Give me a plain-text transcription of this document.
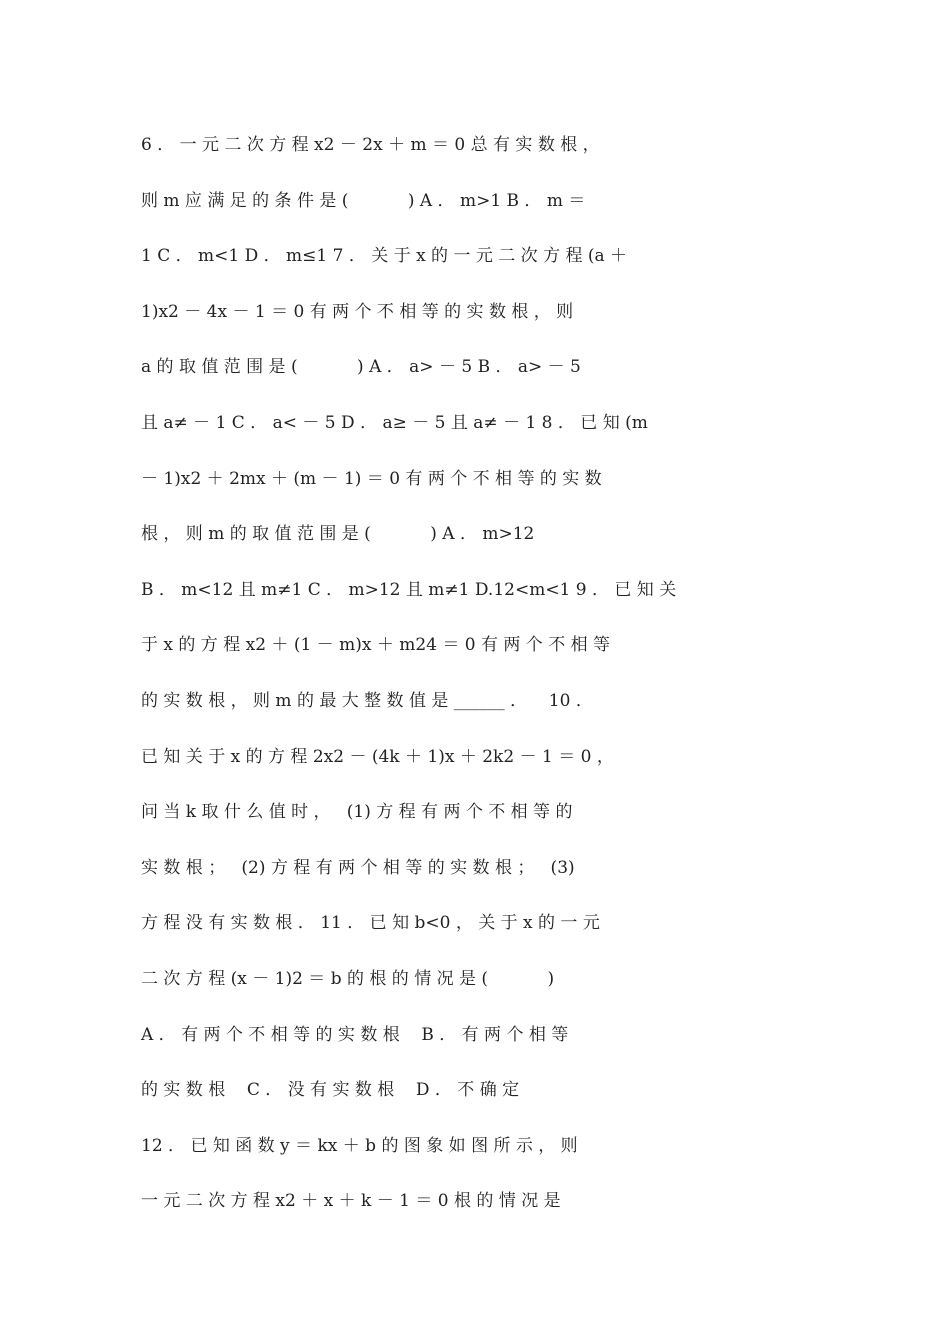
6 ． 一 元 二 次 方 程 x2 － 2x ＋ m ＝ 0 总 有 实 数 根 ，
则 m 应 满 足 的 条 件 是 (           ) A ． m>1 B ． m ＝
1 C ． m<1 D ． m≤1 7 ． 关 于 x 的 一 元 二 次 方 程 (a ＋
1)x2 － 4x － 1 ＝ 0 有 两 个 不 相 等 的 实 数 根 ， 则
a 的 取 值 范 围 是 (           ) A ． a> － 5 B ． a> － 5
且 a≠ － 1 C ． a< － 5 D ． a≥ － 5 且 a≠ － 1 8 ． 已 知 (m
－ 1)x2 ＋ 2mx ＋ (m － 1) ＝ 0 有 两 个 不 相 等 的 实 数
根 ， 则 m 的 取 值 范 围 是 (           ) A ． m>12
B ． m<12 且 m≠1 C ． m>12 且 m≠1 D.12<m<1 9 ． 已 知 关
于 x 的 方 程 x2 ＋ (1 － m)x ＋ m24 ＝ 0 有 两 个 不 相 等
的 实 数 根 ， 则 m 的 最 大 整 数 值 是 ______ ．    10 ．
已 知 关 于 x 的 方 程 2x2 － (4k ＋ 1)x ＋ 2k2 － 1 ＝ 0 ，
问 当 k 取 什 么 值 时 ，   (1) 方 程 有 两 个 不 相 等 的
实 数 根 ；   (2) 方 程 有 两 个 相 等 的 实 数 根 ；   (3)
方 程 没 有 实 数 根 ． 11 ． 已 知 b<0 ， 关 于 x 的 一 元
二 次 方 程 (x － 1)2 ＝ b 的 根 的 情 况 是 (           )
A ． 有 两 个 不 相 等 的 实 数 根    B ． 有 两 个 相 等
的 实 数 根    C ． 没 有 实 数 根    D ． 不 确 定
12 ． 已 知 函 数 y ＝ kx ＋ b 的 图 象 如 图 所 示 ， 则
一 元 二 次 方 程 x2 ＋ x ＋ k － 1 ＝ 0 根 的 情 况 是
